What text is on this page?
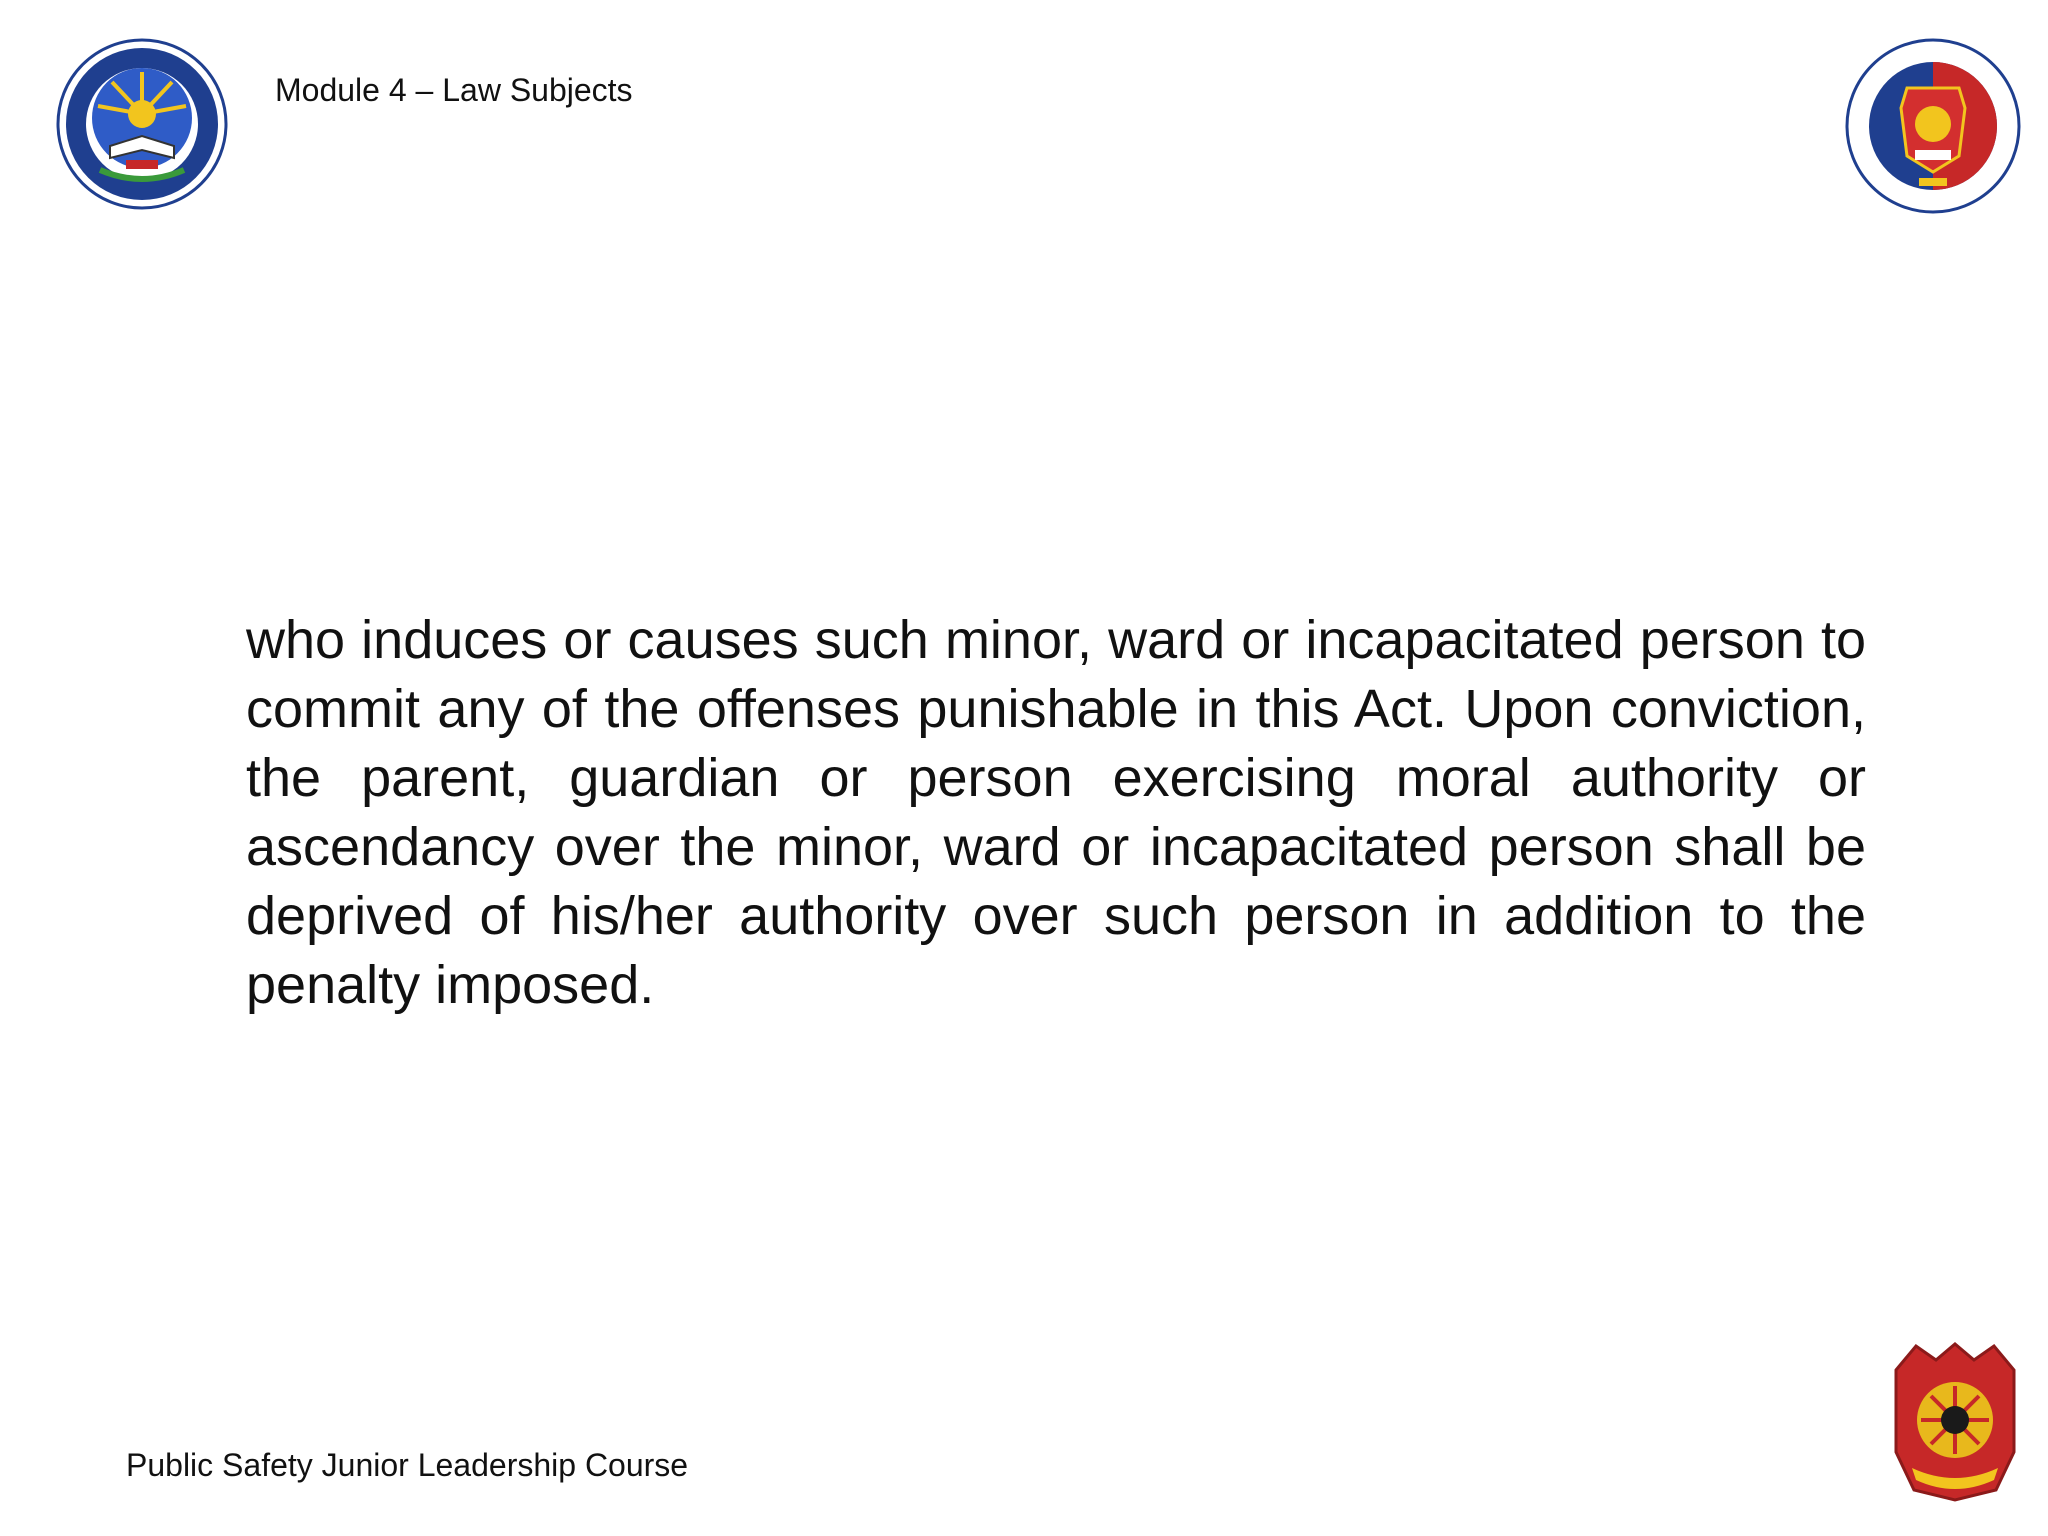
Module 4 – Law Subjects

who induces or causes such minor, ward or incapacitated person to commit any of the offenses punishable in this Act. Upon conviction, the parent, guardian or person exercising moral authority or ascendancy over the minor, ward or incapacitated person shall be deprived of his/her authority over such person in addition to the penalty imposed.

Public Safety Junior Leadership Course
